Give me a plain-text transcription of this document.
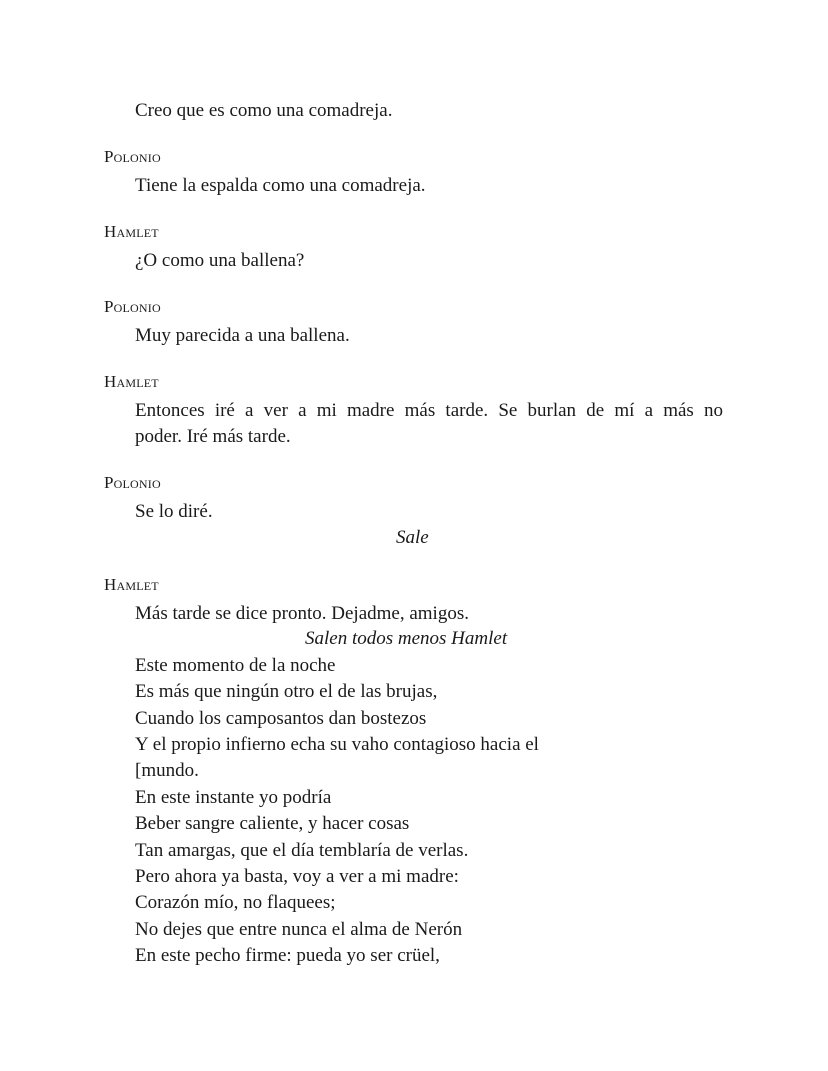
Creo que es como una comadreja.
Polonio
Tiene la espalda como una comadreja.
Hamlet
¿O como una ballena?
Polonio
Muy parecida a una ballena.
Hamlet
Entonces iré a ver a mi madre más tarde. Se burlan de mí a más no
poder. Iré más tarde.
Polonio
Se lo diré.
Sale
Hamlet
Más tarde se dice pronto. Dejadme, amigos.
Salen todos menos Hamlet
Este momento de la noche
Es más que ningún otro el de las brujas,
Cuando los camposantos dan bostezos
Y el propio infierno echa su vaho contagioso hacia el
[mundo.
En este instante yo podría
Beber sangre caliente, y hacer cosas
Tan amargas, que el día temblaría de verlas.
Pero ahora ya basta, voy a ver a mi madre:
Corazón mío, no flaquees;
No dejes que entre nunca el alma de Nerón
En este pecho firme: pueda yo ser crüel,
